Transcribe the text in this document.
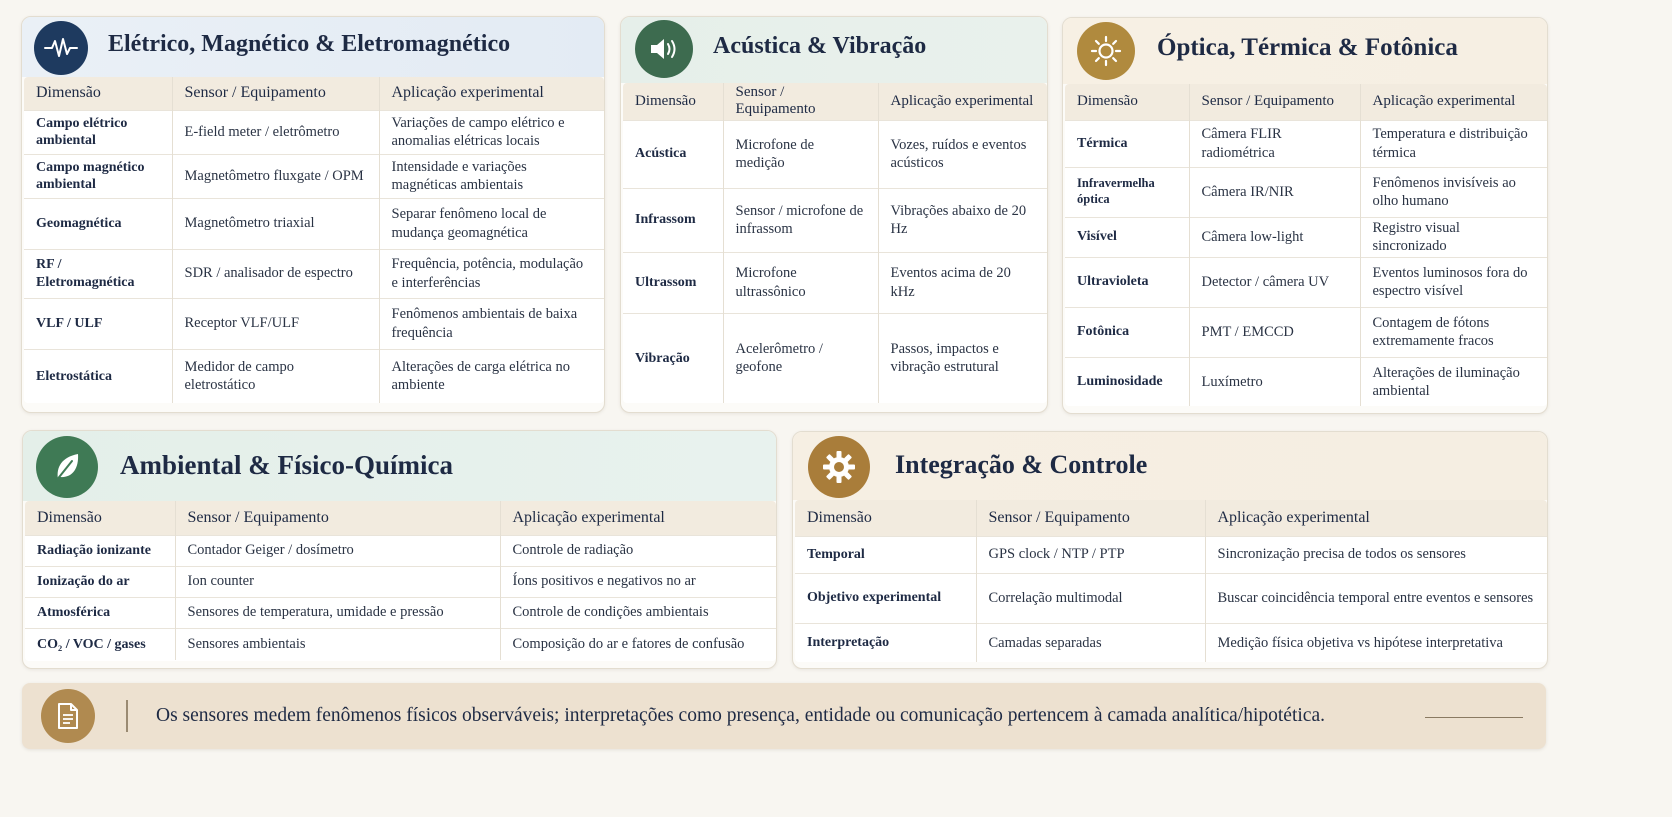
Elétrico, Magnético & Eletromagnético
Dimensão	Sensor / Equipamento	Aplicação experimental
Campo elétrico ambiental	E-field meter / eletrômetro	Variações de campo elétrico e anomalias elétricas locais
Campo magnético ambiental	Magnetômetro fluxgate / OPM	Intensidade e variações magnéticas ambientais
Geomagnética	Magnetômetro triaxial	Separar fenômeno local de mudança geomagnética
RF / Eletromagnética	SDR / analisador de espectro	Frequência, potência, modulação e interferências
VLF / ULF	Receptor VLF/ULF	Fenômenos ambientais de baixa frequência
Eletrostática	Medidor de campo eletrostático	Alterações de carga elétrica no ambiente
Acústica & Vibração
Dimensão	Sensor / Equipamento	Aplicação experimental
Acústica	Microfone de medição	Vozes, ruídos e eventos acústicos
Infrassom	Sensor / microfone de infrassom	Vibrações abaixo de 20 Hz
Ultrassom	Microfone ultrassônico	Eventos acima de 20 kHz
Vibração	Acelerômetro / geofone	Passos, impactos e vibração estrutural
Óptica, Térmica & Fotônica
Dimensão	Sensor / Equipamento	Aplicação experimental
Térmica	Câmera FLIR radiométrica	Temperatura e distribuição térmica
Infravermelha óptica	Câmera IR/NIR	Fenômenos invisíveis ao olho humano
Visível	Câmera low-light	Registro visual sincronizado
Ultravioleta	Detector / câmera UV	Eventos luminosos fora do espectro visível
Fotônica	PMT / EMCCD	Contagem de fótons extremamente fracos
Luminosidade	Luxímetro	Alterações de iluminação ambiental
Ambiental & Físico-Química
Dimensão	Sensor / Equipamento	Aplicação experimental
Radiação ionizante	Contador Geiger / dosímetro	Controle de radiação
Ionização do ar	Ion counter	Íons positivos e negativos no ar
Atmosférica	Sensores de temperatura, umidade e pressão	Controle de condições ambientais
CO₂ / VOC / gases	Sensores ambientais	Composição do ar e fatores de confusão
Integração & Controle
Dimensão	Sensor / Equipamento	Aplicação experimental
Temporal	GPS clock / NTP / PTP	Sincronização precisa de todos os sensores
Objetivo experimental	Correlação multimodal	Buscar coincidência temporal entre eventos e sensores
Interpretação	Camadas separadas	Medição física objetiva vs hipótese interpretativa
Os sensores medem fenômenos físicos observáveis; interpretações como presença, entidade ou comunicação pertencem à camada analítica/hipotética.
